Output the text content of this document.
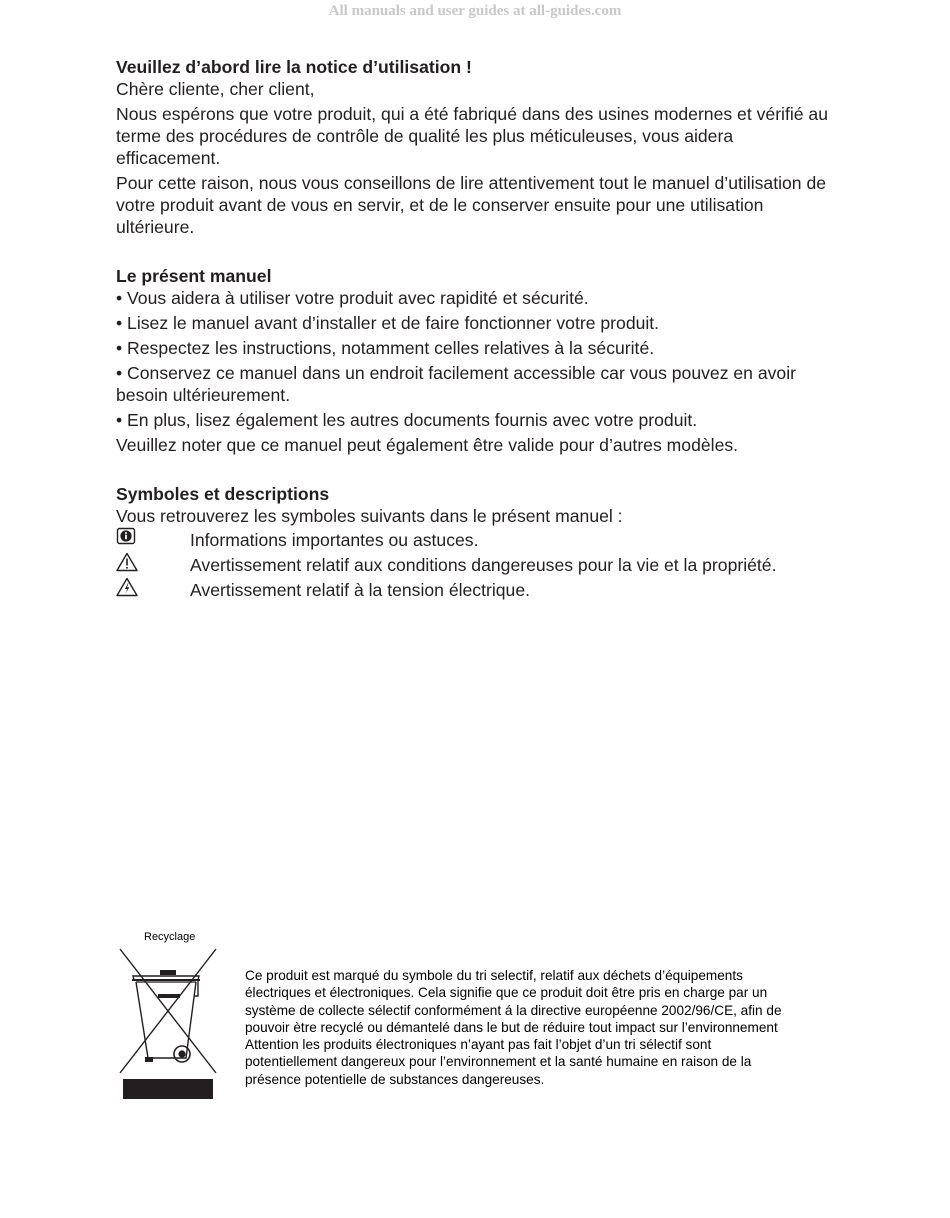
All manuals and user guides at all-guides.com

Veuillez d’abord lire la notice d’utilisation !

Chère cliente, cher client,

Nous espérons que votre produit, qui a été fabriqué dans des usines modernes et vérifié au terme des procédures de contrôle de qualité les plus méticuleuses, vous aidera efficacement.

Pour cette raison, nous vous conseillons de lire attentivement tout le manuel d’utilisation de votre produit avant de vous en servir, et de le conserver ensuite pour une utilisation ultérieure.

Le présent manuel

• Vous aidera à utiliser votre produit avec rapidité et sécurité.

• Lisez le manuel avant d’installer et de faire fonctionner votre produit.

• Respectez les instructions, notamment celles relatives à la sécurité.

• Conservez ce manuel dans un endroit facilement accessible car vous pouvez en avoir besoin ultérieurement.

• En plus, lisez également les autres documents fournis avec votre produit.

Veuillez noter que ce manuel peut également être valide pour d’autres modèles.

Symboles et descriptions

Vous retrouverez les symboles suivants dans le présent manuel :

Informations importantes ou astuces.
Avertissement relatif aux conditions dangereuses pour la vie et la propriété.
Avertissement relatif à la tension électrique.
Recyclage
Ce produit est marqué du symbole du tri selectif, relatif aux déchets d’équipements électriques et électroniques. Cela signifie que ce produit doit être pris en charge par un système de collecte sélectif conformément á la directive européenne 2002/96/CE, afin de pouvoir ètre recyclé ou démantelé dans le but de réduire tout impact sur l’environnement Attention les produits électroniques n’ayant pas fait l’objet d’un tri sélectif sont potentiellement dangereux pour l’environnement et la santé humaine en raison de la présence potentielle de substances dangereuses.
